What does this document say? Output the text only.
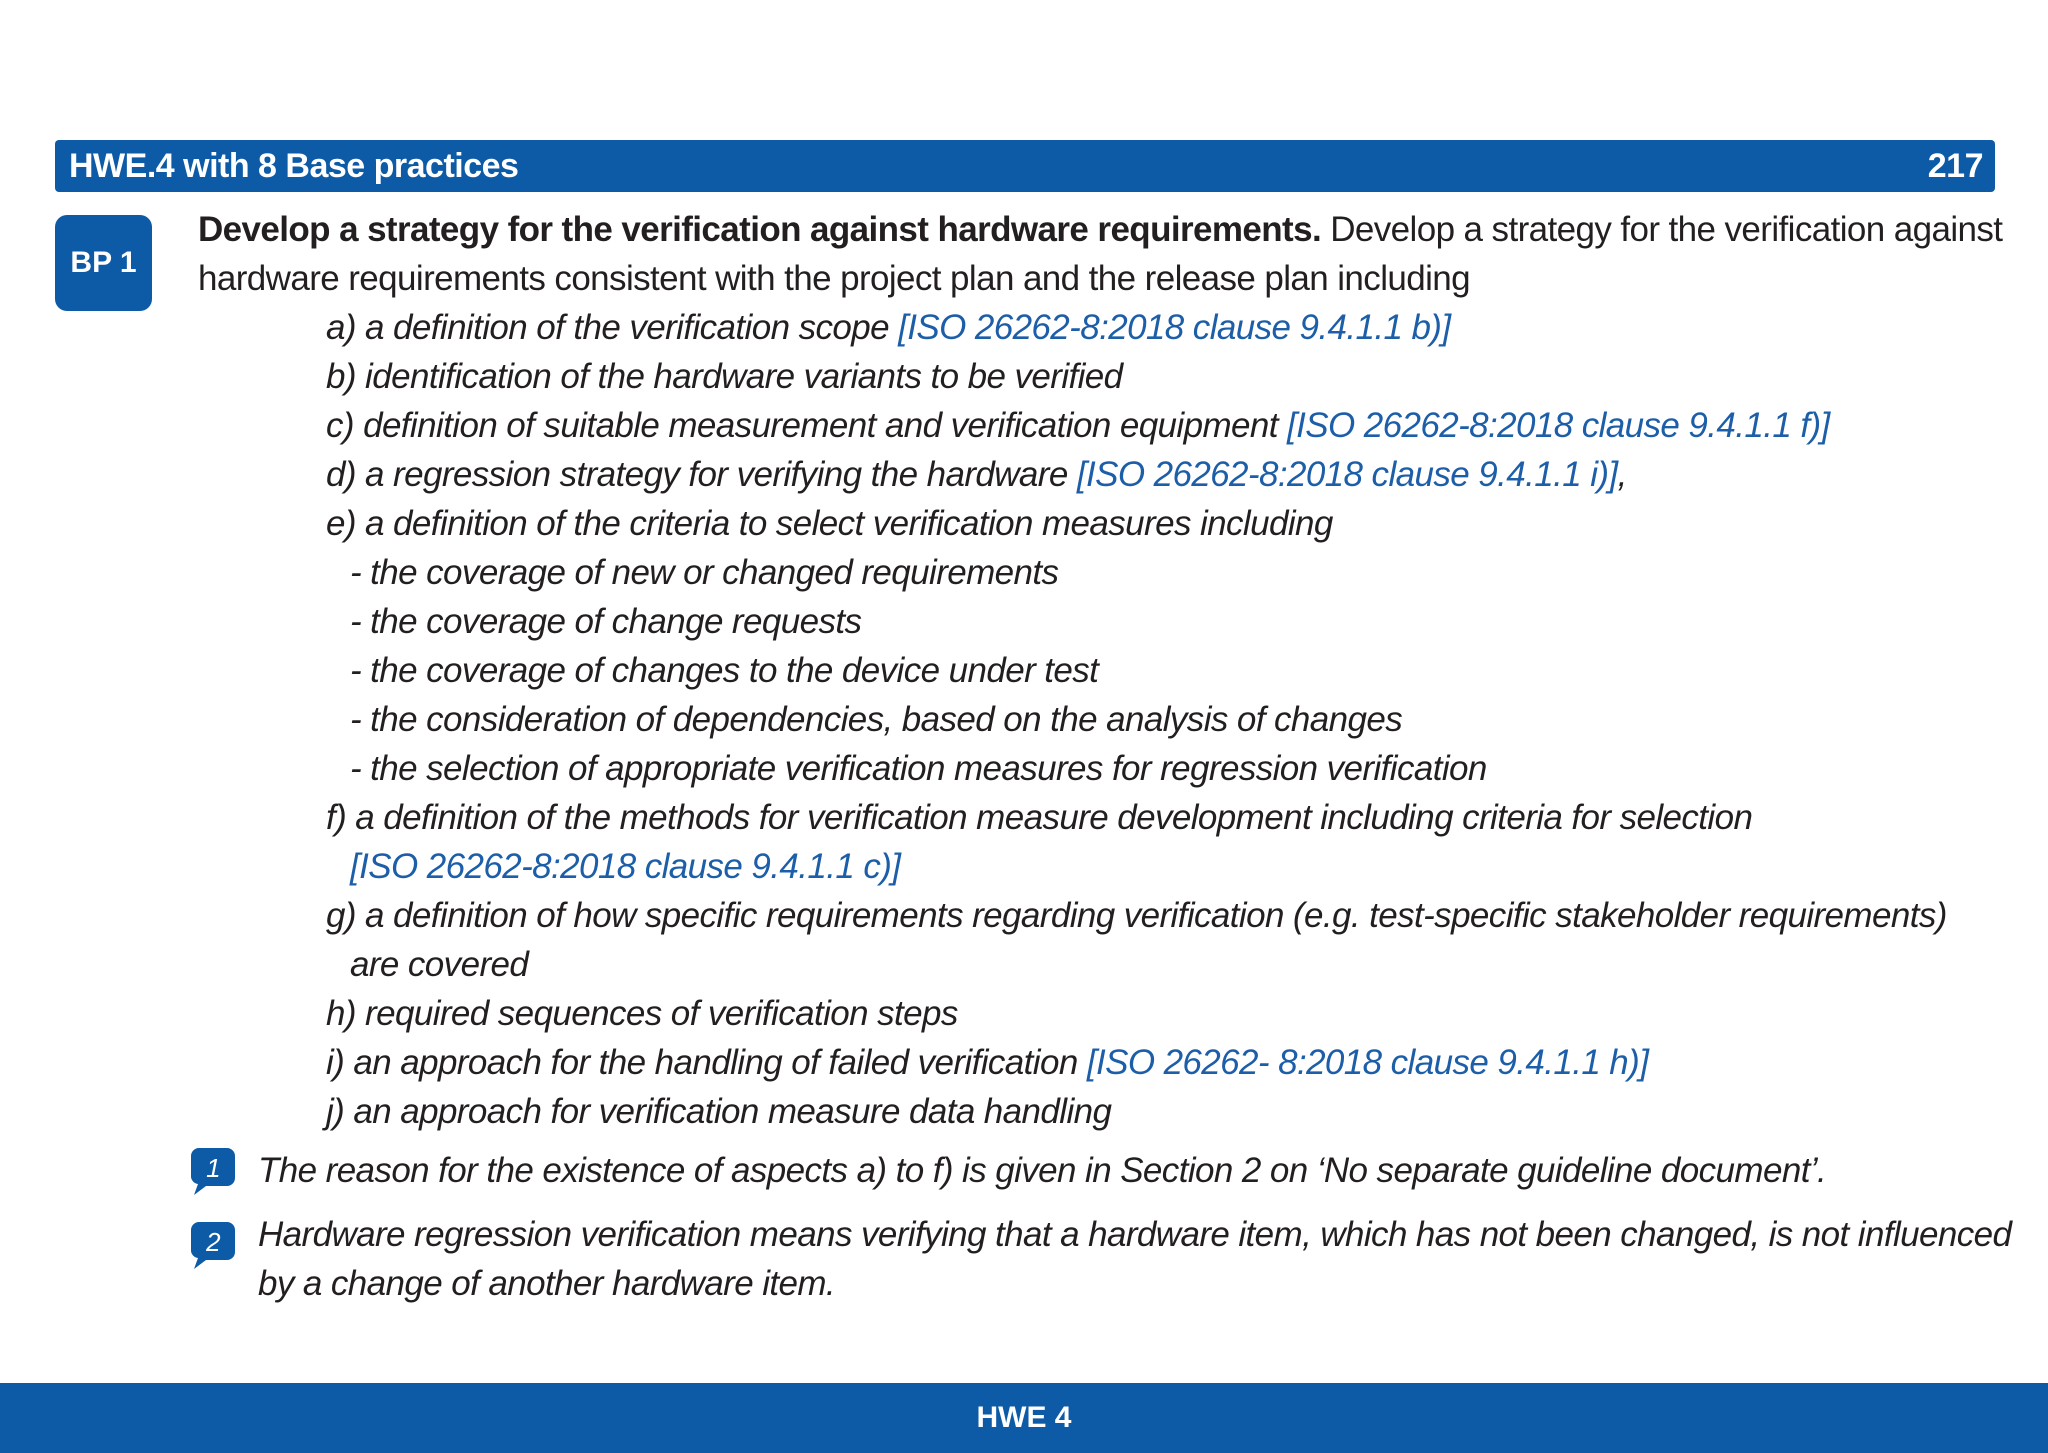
HWE.4 with 8 Base practices	217
BP 1
Develop a strategy for the verification against hardware requirements. Develop a strategy for the verification against
hardware requirements consistent with the project plan and the release plan including
a) a definition of the verification scope [ISO 26262-8:2018 clause 9.4.1.1 b)]
b) identification of the hardware variants to be verified
c) definition of suitable measurement and verification equipment [ISO 26262-8:2018 clause 9.4.1.1 f)]
d) a regression strategy for verifying the hardware [ISO 26262-8:2018 clause 9.4.1.1 i)],
e) a definition of the criteria to select verification measures including
- the coverage of new or changed requirements
- the coverage of change requests
- the coverage of changes to the device under test
- the consideration of dependencies, based on the analysis of changes
- the selection of appropriate verification measures for regression verification
f) a definition of the methods for verification measure development including criteria for selection
[ISO 26262-8:2018 clause 9.4.1.1 c)]
g) a definition of how specific requirements regarding verification (e.g. test-specific stakeholder requirements)
are covered
h) required sequences of verification steps
i) an approach for the handling of failed verification [ISO 26262- 8:2018 clause 9.4.1.1 h)]
j) an approach for verification measure data handling
1 The reason for the existence of aspects a) to f) is given in Section 2 on ‘No separate guideline document’.
2 Hardware regression verification means verifying that a hardware item, which has not been changed, is not influenced
by a change of another hardware item.
HWE 4
